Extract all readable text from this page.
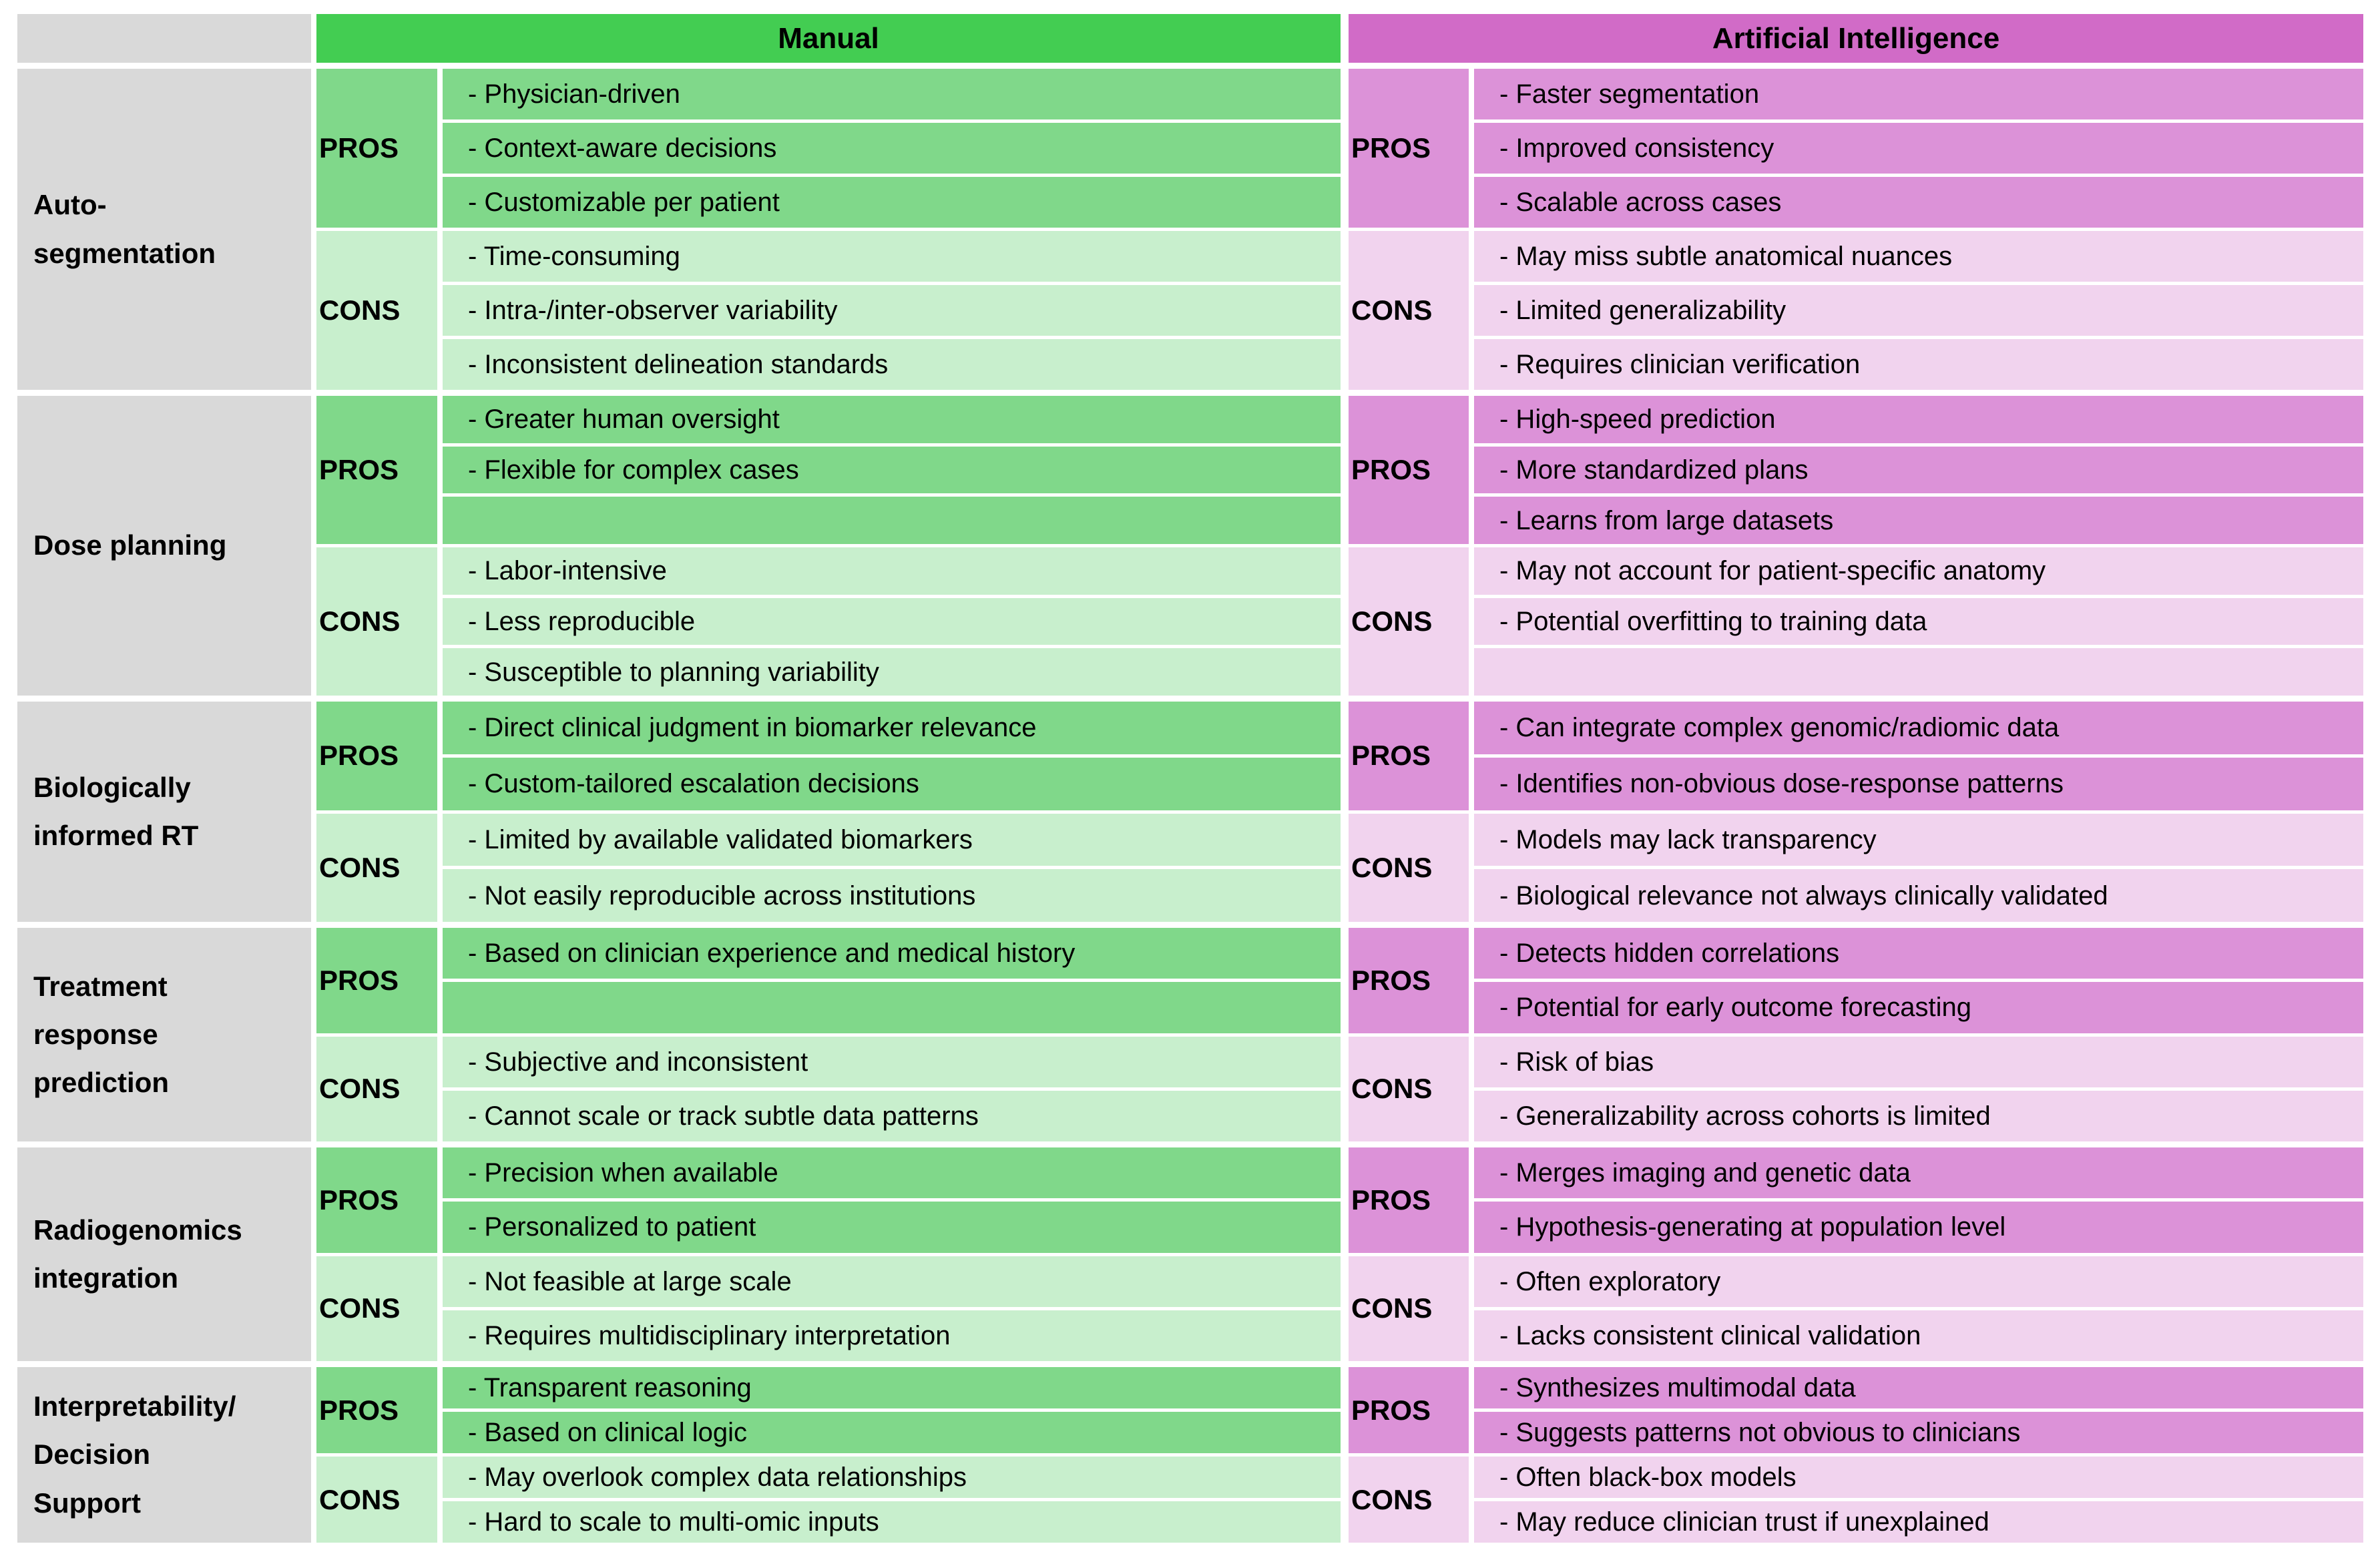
Manual	Artificial Intelligence
Auto-
segmentation
PROS
- Physician-driven
- Context-aware decisions
- Customizable per patient
CONS
- Time-consuming
- Intra-/inter-observer variability
- Inconsistent delineation standards
PROS
- Faster segmentation
- Improved consistency
- Scalable across cases
CONS
- May miss subtle anatomical nuances
- Limited generalizability
- Requires clinician verification
Dose planning
PROS
- Greater human oversight
- Flexible for complex cases
CONS
- Labor-intensive
- Less reproducible
- Susceptible to planning variability
PROS
- High-speed prediction
- More standardized plans
- Learns from large datasets
CONS
- May not account for patient-specific anatomy
- Potential overfitting to training data
Biologically
informed RT
PROS
- Direct clinical judgment in biomarker relevance
- Custom-tailored escalation decisions
CONS
- Limited by available validated biomarkers
- Not easily reproducible across institutions
PROS
- Can integrate complex genomic/radiomic data
- Identifies non-obvious dose-response patterns
CONS
- Models may lack transparency
- Biological relevance not always clinically validated
Treatment
response
prediction
PROS
- Based on clinician experience and medical history
CONS
- Subjective and inconsistent
- Cannot scale or track subtle data patterns
PROS
- Detects hidden correlations
- Potential for early outcome forecasting
CONS
- Risk of bias
- Generalizability across cohorts is limited
Radiogenomics
integration
PROS
- Precision when available
- Personalized to patient
CONS
- Not feasible at large scale
- Requires multidisciplinary interpretation
PROS
- Merges imaging and genetic data
- Hypothesis-generating at population level
CONS
- Often exploratory
- Lacks consistent clinical validation
Interpretability/
Decision
Support
PROS
- Transparent reasoning
- Based on clinical logic
CONS
- May overlook complex data relationships
- Hard to scale to multi-omic inputs
PROS
- Synthesizes multimodal data
- Suggests patterns not obvious to clinicians
CONS
- Often black-box models
- May reduce clinician trust if unexplained
